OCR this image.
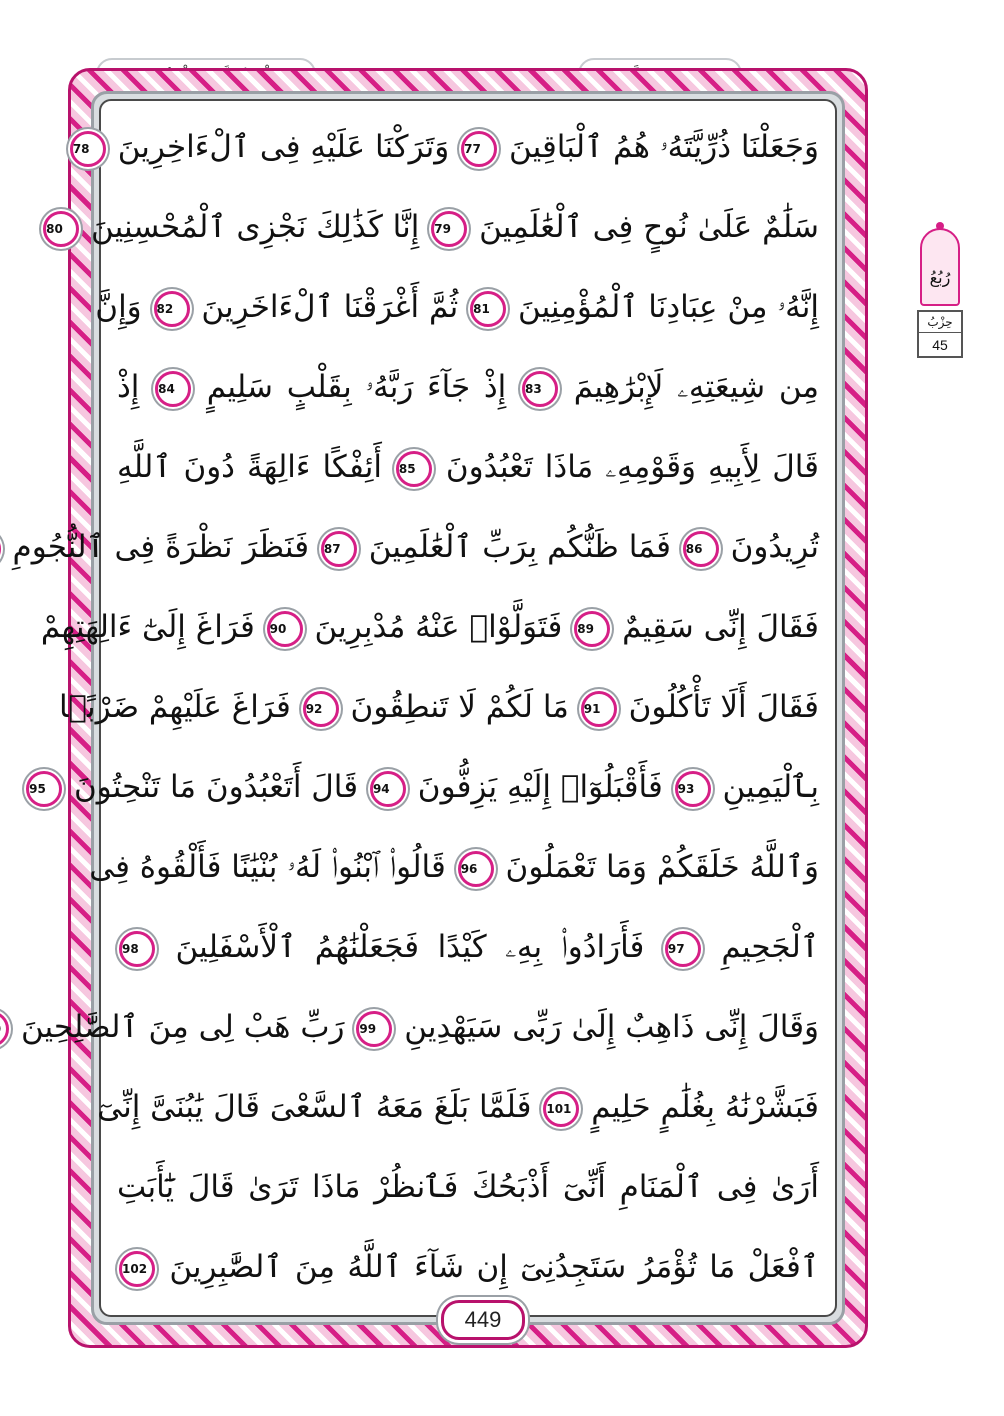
وَجَعَلْنَا ذُرِّيَّتَهُۥ هُمُ ٱلْبَاقِينَ 77 وَتَرَكْنَا عَلَيْهِ فِى ٱلْءَاخِرِينَ 78
سَلَٰمٌ عَلَىٰ نُوحٍ فِى ٱلْعَٰلَمِينَ 79 إِنَّا كَذَٰلِكَ نَجْزِى ٱلْمُحْسِنِينَ 80
إِنَّهُۥ مِنْ عِبَادِنَا ٱلْمُؤْمِنِينَ 81 ثُمَّ أَغْرَقْنَا ٱلْءَاخَرِينَ 82 وَإِنَّ
مِن شِيعَتِهِۦ لَإِبْرَٰهِيمَ 83 إِذْ جَآءَ رَبَّهُۥ بِقَلْبٍ سَلِيمٍ 84 إِذْ
قَالَ لِأَبِيهِ وَقَوْمِهِۦ مَاذَا تَعْبُدُونَ 85 أَئِفْكًا ءَالِهَةً دُونَ ٱللَّهِ
تُرِيدُونَ 86 فَمَا ظَنُّكُم بِرَبِّ ٱلْعَٰلَمِينَ 87 فَنَظَرَ نَظْرَةً فِى ٱلنُّجُومِ
فَقَالَ إِنِّى سَقِيمٌ 89 فَتَوَلَّوْا۟ عَنْهُ مُدْبِرِينَ 90 فَرَاغَ إِلَىٰٓ ءَالِهَتِهِمْ
فَقَالَ أَلَا تَأْكُلُونَ 91 مَا لَكُمْ لَا تَنطِقُونَ 92 فَرَاغَ عَلَيْهِمْ ضَرْبًۢا
بِٱلْيَمِينِ 93 فَأَقْبَلُوٓا۟ إِلَيْهِ يَزِفُّونَ 94 قَالَ أَتَعْبُدُونَ مَا تَنْحِتُونَ 95
وَٱللَّهُ خَلَقَكُمْ وَمَا تَعْمَلُونَ 96 قَالُوا۟ ٱبْنُوا۟ لَهُۥ بُنْيَٰنًا فَأَلْقُوهُ فِى
ٱلْجَحِيمِ 97 فَأَرَادُوا۟ بِهِۦ كَيْدًا فَجَعَلْنَٰهُمُ ٱلْأَسْفَلِينَ 98
وَقَالَ إِنِّى ذَاهِبٌ إِلَىٰ رَبِّى سَيَهْدِينِ 99 رَبِّ هَبْ لِى مِنَ ٱلصَّٰلِحِينَ
فَبَشَّرْنَٰهُ بِغُلَٰمٍ حَلِيمٍ 101 فَلَمَّا بَلَغَ مَعَهُ ٱلسَّعْىَ قَالَ يَٰبُنَىَّ إِنِّىٓ
أَرَىٰ فِى ٱلْمَنَامِ أَنِّىٓ أَذْبَحُكَ فَٱنظُرْ مَاذَا تَرَىٰ قَالَ يَٰٓأَبَتِ
ٱفْعَلْ مَا تُؤْمَرُ سَتَجِدُنِىٓ إِن شَآءَ ٱللَّهُ مِنَ ٱلصَّٰبِرِينَ 102
449
رُبُعُ
حِزْبُ
45
